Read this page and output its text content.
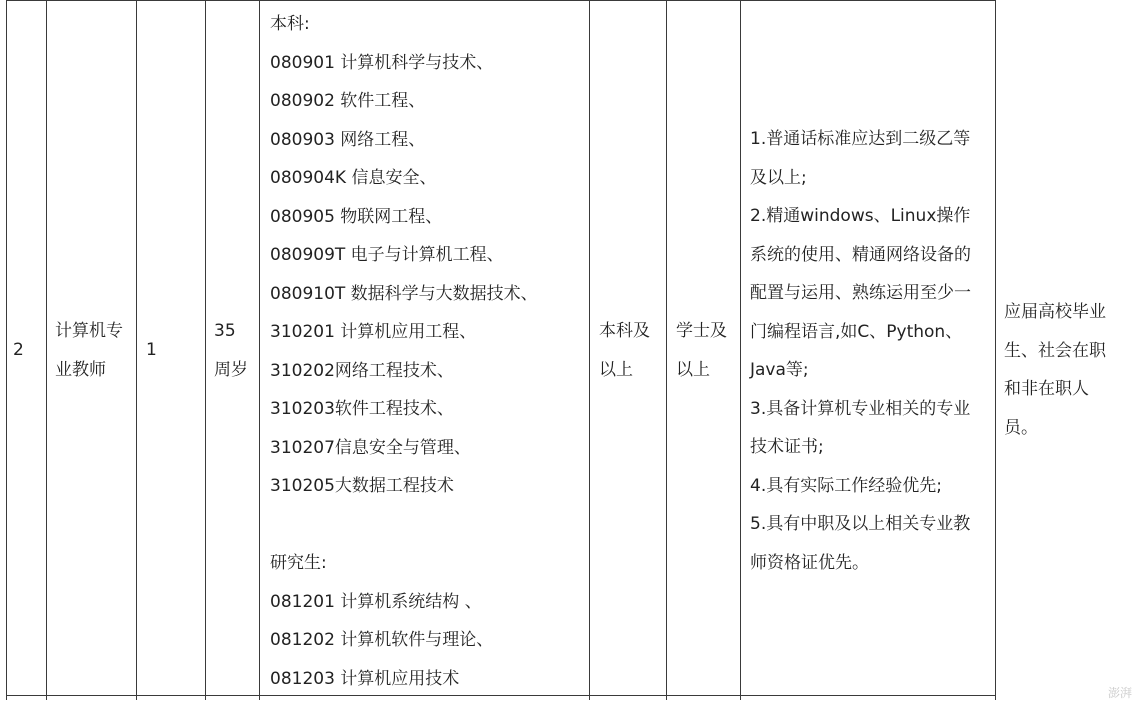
2
计算机专
业教师
1
35
周岁
本科:
080901 计算机科学与技术、
080902 软件工程、
080903 网络工程、
080904K 信息安全、
080905 物联网工程、
080909T 电子与计算机工程、
080910T 数据科学与大数据技术、
310201 计算机应用工程、
310202网络工程技术、
310203软件工程技术、
310207信息安全与管理、
310205大数据工程技术
研究生:
081201 计算机系统结构 、
081202 计算机软件与理论、
081203 计算机应用技术
本科及
以上
学士及
以上
1.普通话标准应达到二级乙等
及以上;
2.精通windows、Linux操作
系统的使用、精通网络设备的
配置与运用、熟练运用至少一
门编程语言,如C、Python、
Java等;
3.具备计算机专业相关的专业
技术证书;
4.具有实际工作经验优先;
5.具有中职及以上相关专业教
师资格证优先。
应届高校毕业
生、社会在职
和非在职人
员。
澎湃
